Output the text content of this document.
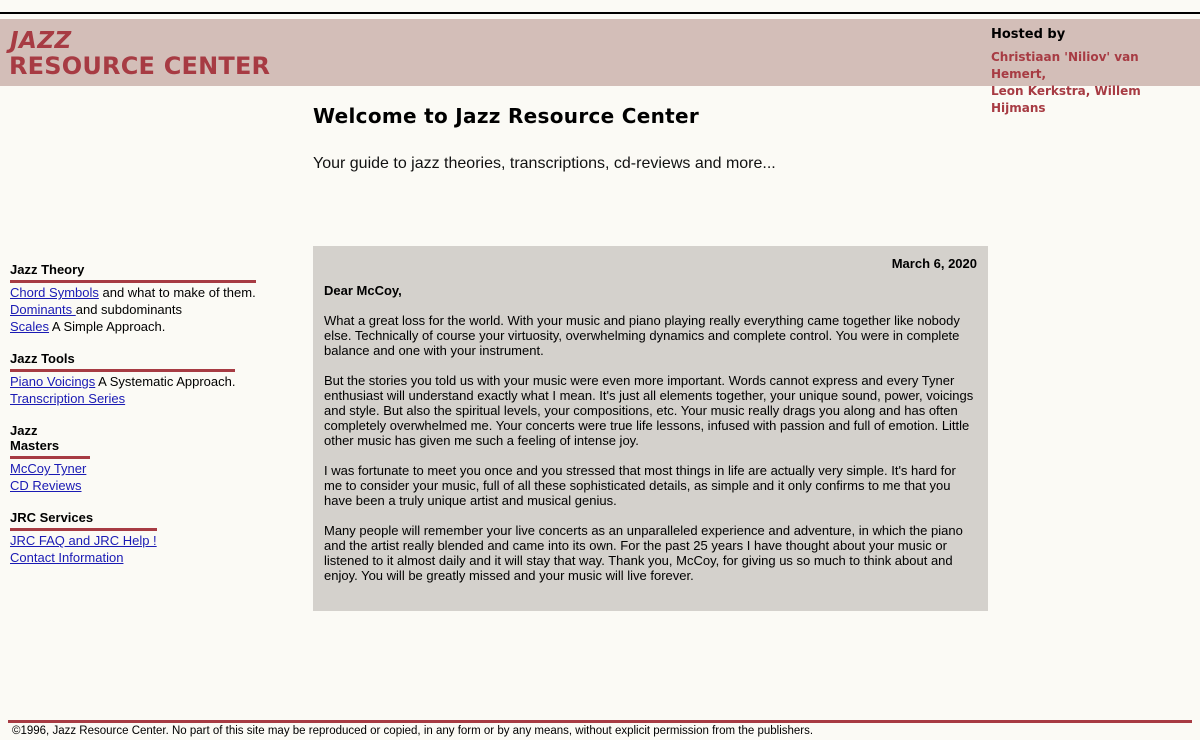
JAZZ
RESOURCE CENTER
Hosted by
Christiaan 'Niliov' van Hemert,
Leon Kerkstra, Willem Hijmans
Welcome to Jazz Resource Center
Your guide to jazz theories, transcriptions, cd-reviews and more...
Jazz Theory
Chord Symbols and what to make of them.
Dominants and subdominants
Scales A Simple Approach.
Jazz Tools
Piano Voicings A Systematic Approach.
Transcription Series
Jazz Masters
McCoy Tyner
CD Reviews
JRC Services
JRC FAQ and JRC Help !
Contact Information
March 6, 2020
Dear McCoy,

What a great loss for the world. With your music and piano playing really everything came together like nobody else. Technically of course your virtuosity, overwhelming dynamics and complete control. You were in complete balance and one with your instrument.

But the stories you told us with your music were even more important. Words cannot express and every Tyner enthusiast will understand exactly what I mean. It's just all elements together, your unique sound, power, voicings and style. But also the spiritual levels, your compositions, etc. Your music really drags you along and has often completely overwhelmed me. Your concerts were true life lessons, infused with passion and full of emotion. Little other music has given me such a feeling of intense joy.

I was fortunate to meet you once and you stressed that most things in life are actually very simple. It's hard for me to consider your music, full of all these sophisticated details, as simple and it only confirms to me that you have been a truly unique artist and musical genius.

Many people will remember your live concerts as an unparalleled experience and adventure, in which the piano and the artist really blended and came into its own. For the past 25 years I have thought about your music or listened to it almost daily and it will stay that way. Thank you, McCoy, for giving us so much to think about and enjoy. You will be greatly missed and your music will live forever.

©1996, Jazz Resource Center. No part of this site may be reproduced or copied, in any form or by any means, without explicit permission from the publishers.
